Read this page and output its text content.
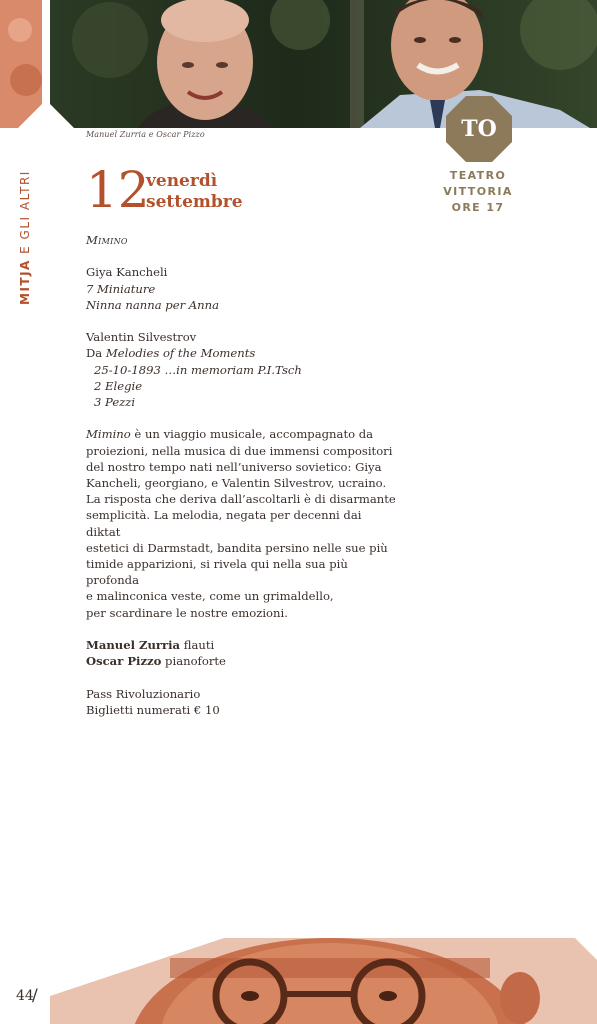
Manuel Zurria e Oscar Pizzo
MITJA E GLI ALTRI
TO
TEATRO
VITTORIA
ORE 17
12
venerdì
settembre

Mimino

Giya Kancheli

7 Miniature

Ninna nanna per Anna

Valentin Silvestrov

Da Melodies of the Moments

25-10-1893 …in memoriam P.I.Tsch

2 Elegie

3 Pezzi

Mimino è un viaggio musicale, accompagnato da

proiezioni, nella musica di due immensi compositori

del nostro tempo nati nell’universo sovietico: Giya

Kancheli, georgiano, e Valentin Silvestrov, ucraino.

La risposta che deriva dall’ascoltarli è di disarmante

semplicità. La melodia, negata per decenni dai diktat

estetici di Darmstadt, bandita persino nelle sue più

timide apparizioni, si rivela qui nella sua più profonda

e malinconica veste, come un grimaldello,

per scardinare le nostre emozioni.

Manuel Zurria flauti

Oscar Pizzo pianoforte

Pass Rivoluzionario

Biglietti numerati € 10

44
/
